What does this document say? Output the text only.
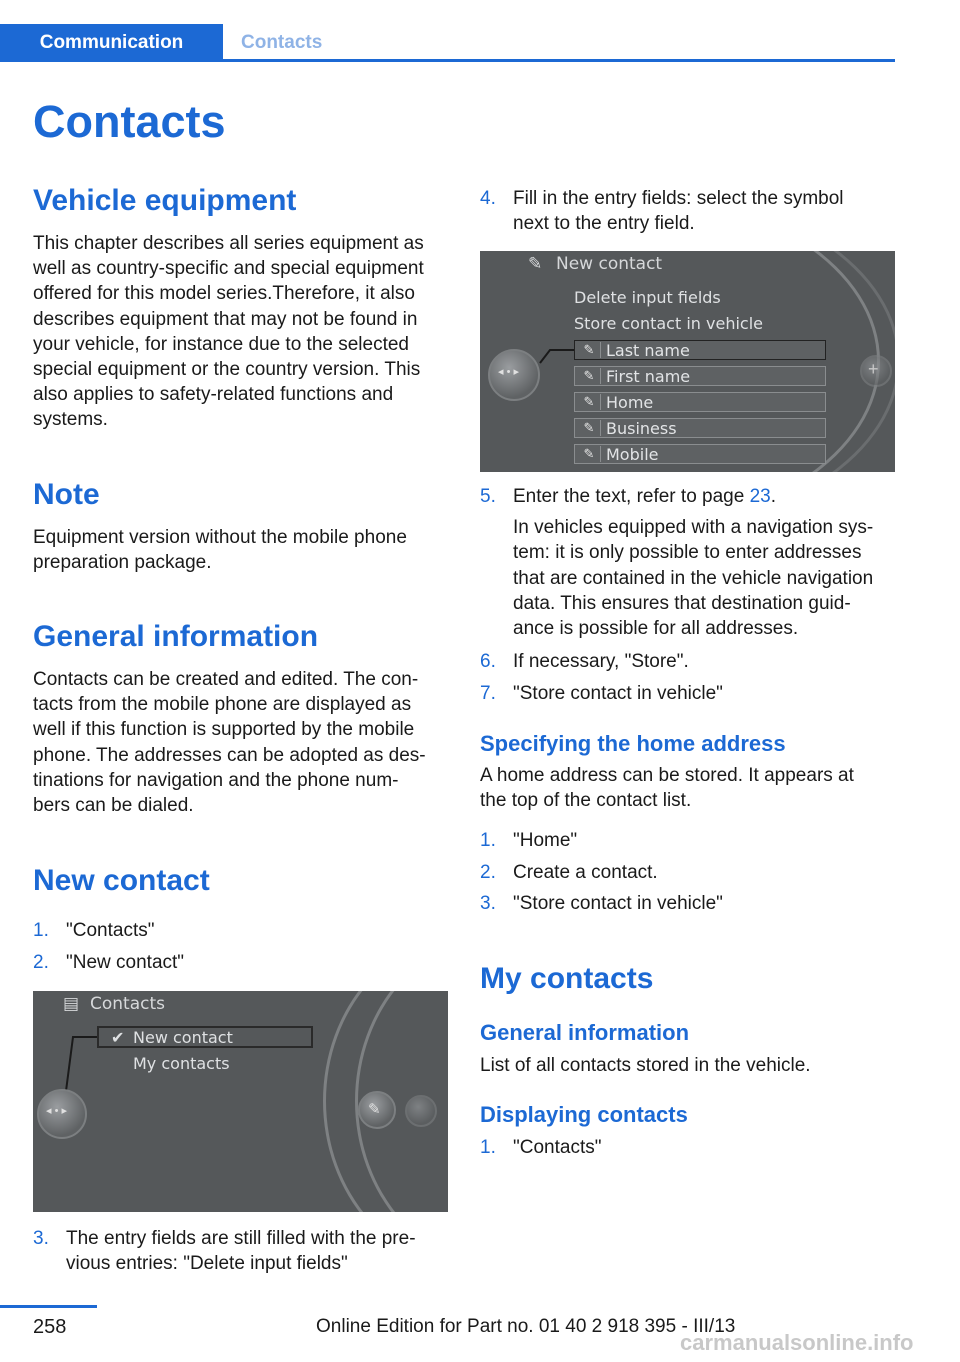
Communication	Contacts
Contacts
Vehicle equipment
This chapter describes all series equipment as
well as country-specific and special equipment
offered for this model series.Therefore, it also
describes equipment that may not be found in
your vehicle, for instance due to the selected
special equipment or the country version. This
also applies to safety-related functions and
systems.
Note
Equipment version without the mobile phone
preparation package.
General information
Contacts can be created and edited. The con‐
tacts from the mobile phone are displayed as
well if this function is supported by the mobile
phone. The addresses can be adopted as des‐
tinations for navigation and the phone num‐
bers can be dialed.
New contact
1. "Contacts"
2. "New contact"
▤ Contacts
✔ New contact
My contacts
◂ • ▸	✎
3. The entry fields are still filled with the pre‐
vious entries: "Delete input fields"
4. Fill in the entry fields: select the symbol
next to the entry field.
✎ New contact
Delete input fields
Store contact in vehicle
✎ Last name
✎ First name
✎ Home
✎ Business
✎ Mobile
◂ • ▸	+
5. Enter the text, refer to page 23.
In vehicles equipped with a navigation sys‐
tem: it is only possible to enter addresses
that are contained in the vehicle navigation
data. This ensures that destination guid‐
ance is possible for all addresses.
6. If necessary, "Store".
7. "Store contact in vehicle"
Specifying the home address
A home address can be stored. It appears at
the top of the contact list.
1. "Home"
2. Create a contact.
3. "Store contact in vehicle"
My contacts
General information
List of all contacts stored in the vehicle.
Displaying contacts
1. "Contacts"
258	Online Edition for Part no. 01 40 2 918 395 - III/13
carmanualsonline.info
